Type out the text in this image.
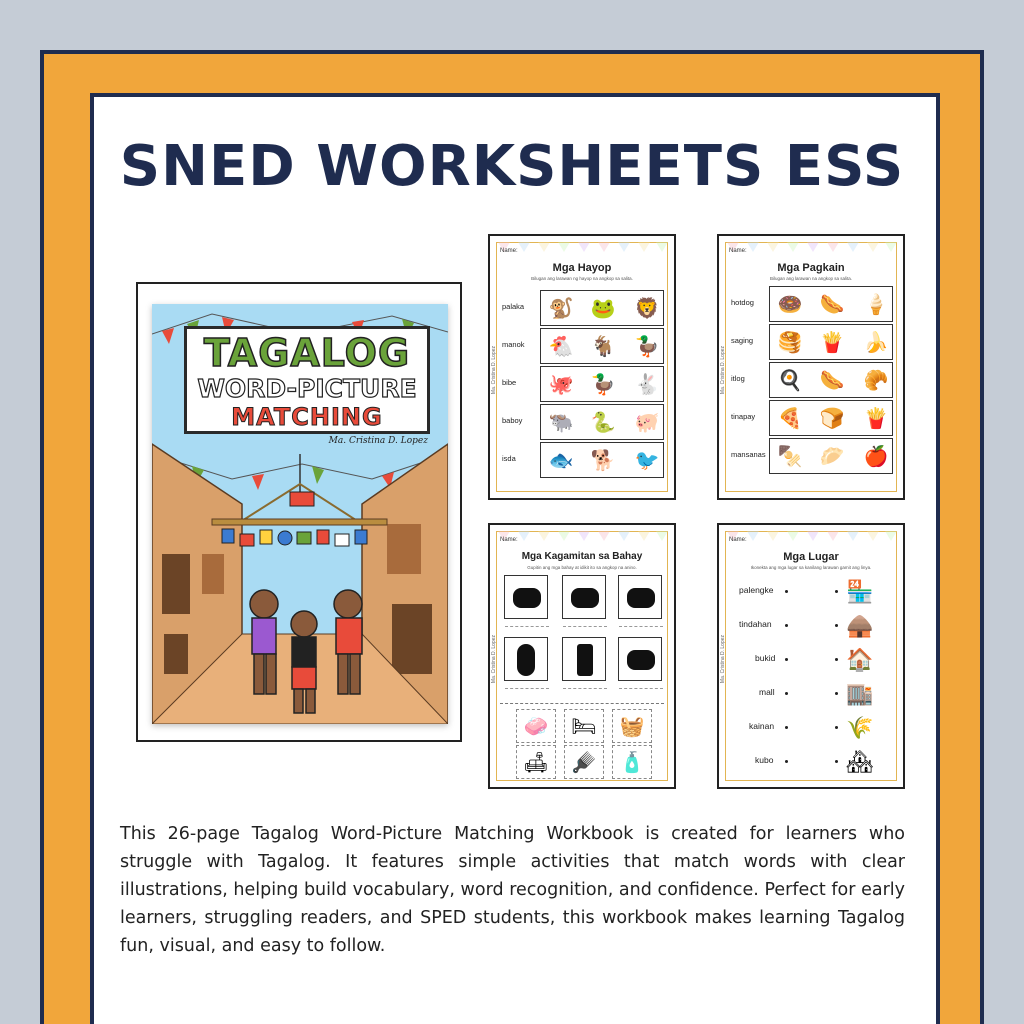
SNED WORKSHEETS ESS
TAGALOG
WORD-PICTURE
MATCHING
Ma. Cristina D. Lopez
Name:
Mga Hayop
Bilugan ang larawan ng hayop na angkop sa salita.
Ma. Cristina D. Lopez
palaka 🐒 🐸 🦁
manok 🐔 🐐 🦆
bibe 🐙 🦆 🐇
baboy 🐃 🐍 🐖
isda 🐟 🐕 🐦
Name:
Mga Pagkain
Bilugan ang larawan na angkop sa salita.
Ma. Cristina D. Lopez
hotdog 🍩 🌭 🍦
saging 🥞 🍟 🍌
itlog 🍳 🌭 🥐
tinapay 🍕 🍞 🍟
mansanas 🍢 🥟 🍎
Name:
Mga Kagamitan sa Bahay
Gupitin ang mga bahay at idikit ito sa angkop na anino.
Ma. Cristina D. Lopez
🧼	🛏	🧺
🛋	🪮	🧴
Name:
Mga Lugar
Ikonekta ang mga lugar sa kanilang larawan gamit ang linya.
Ma. Cristina D. Lopez
palengke	🏪
tindahan	🛖
bukid	🏠
mall	🏬
kainan	🌾
kubo	🏘

This 26-page Tagalog Word-Picture Matching Workbook is created for learners who struggle with Tagalog. It features simple activities that match words with clear illustrations, helping build vocabulary, word recognition, and confidence. Perfect for early learners, struggling readers, and SPED students, this workbook makes learning Tagalog fun, visual, and easy to follow.
